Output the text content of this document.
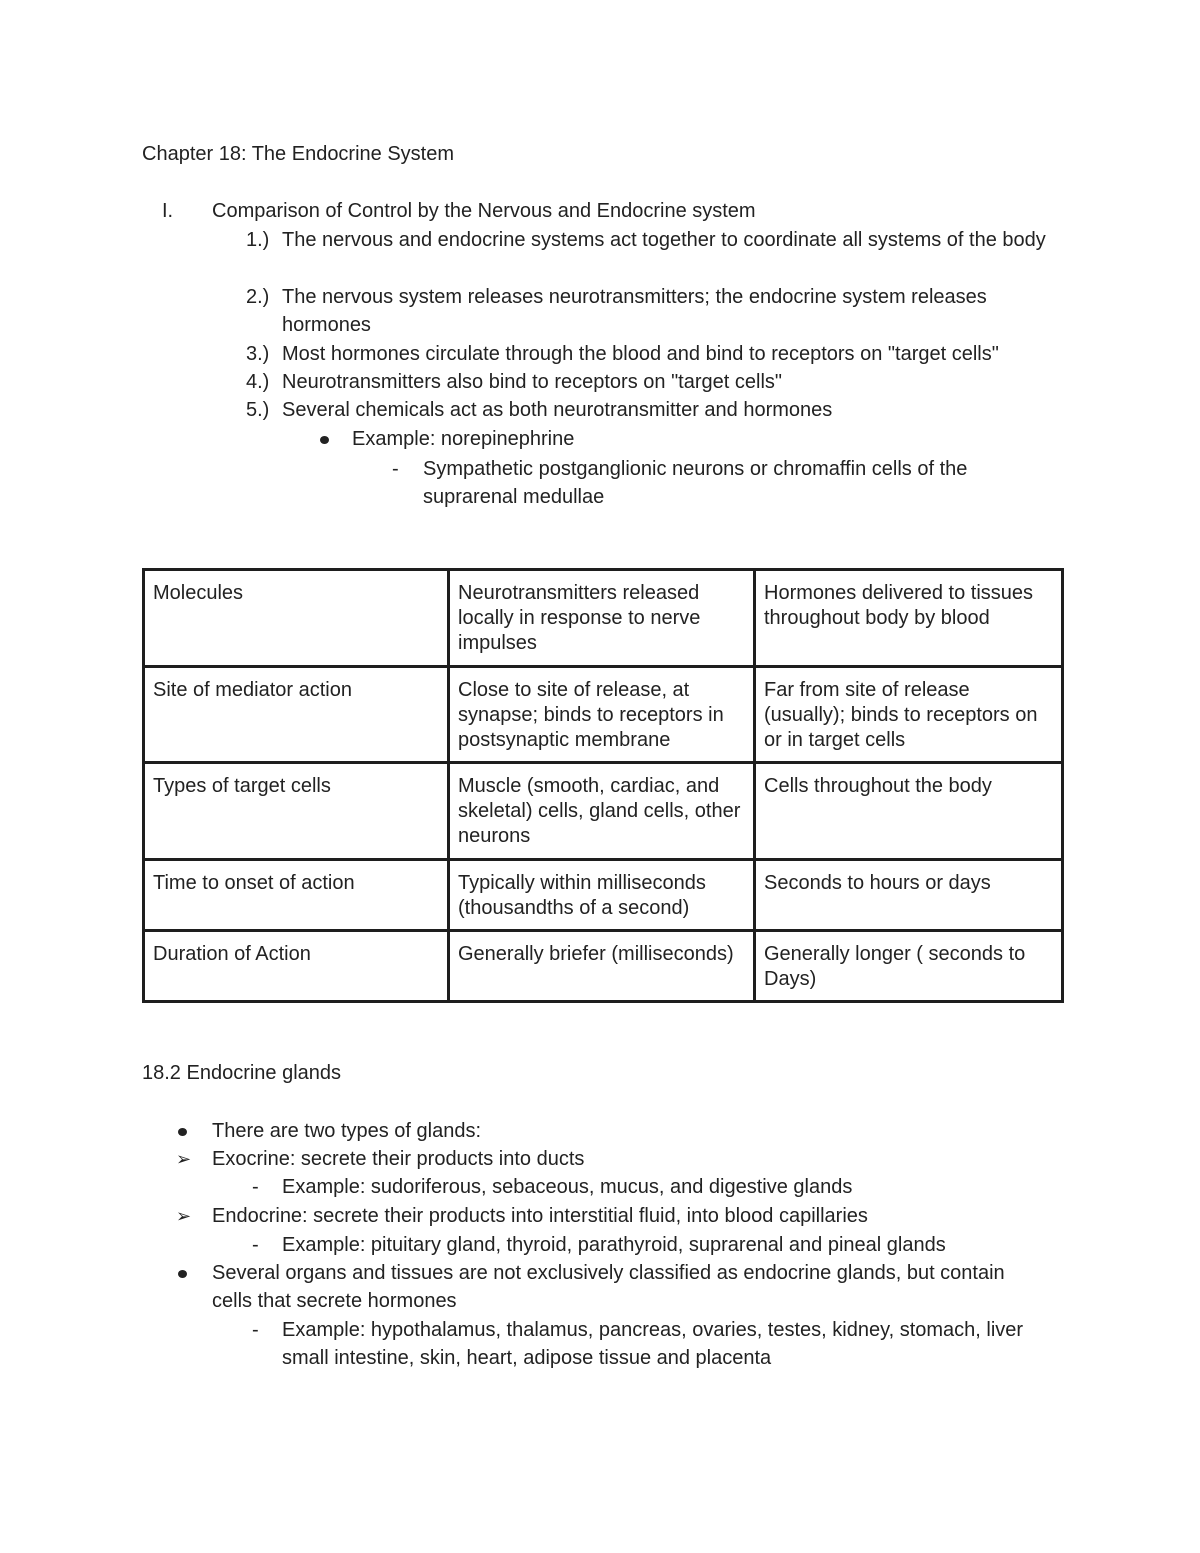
Chapter 18: The Endocrine System
I. Comparison of Control by the Nervous and Endocrine system
1.) The nervous and endocrine systems act together to coordinate all systems of the body
2.) The nervous system releases neurotransmitters; the endocrine system releases hormones
3.) Most hormones circulate through the blood and bind to receptors on "target cells"
4.) Neurotransmitters also bind to receptors on "target cells"
5.) Several chemicals act as both neurotransmitter and hormones
Example: norepinephrine
- Sympathetic postganglionic neurons or chromaffin cells of the suprarenal medullae
Molecules	Neurotransmitters released locally in response to nerve impulses	Hormones delivered to tissues throughout body by blood
Site of mediator action	Close to site of release, at synapse; binds to receptors in postsynaptic membrane	Far from site of release (usually); binds to receptors on or in target cells
Types of target cells	Muscle (smooth, cardiac, and skeletal) cells, gland cells, other neurons	Cells throughout the body
Time to onset of action	Typically within milliseconds (thousandths of a second)	Seconds to hours or days
Duration of Action	Generally briefer (milliseconds)	Generally longer ( seconds to Days)
18.2 Endocrine glands
There are two types of glands:
➢ Exocrine: secrete their products into ducts
- Example: sudoriferous, sebaceous, mucus, and digestive glands
➢ Endocrine: secrete their products into interstitial fluid, into blood capillaries
- Example: pituitary gland, thyroid, parathyroid, suprarenal and pineal glands
Several organs and tissues are not exclusively classified as endocrine glands, but contain cells that secrete hormones
- Example: hypothalamus, thalamus, pancreas, ovaries, testes, kidney, stomach, liver small intestine, skin, heart, adipose tissue and placenta
